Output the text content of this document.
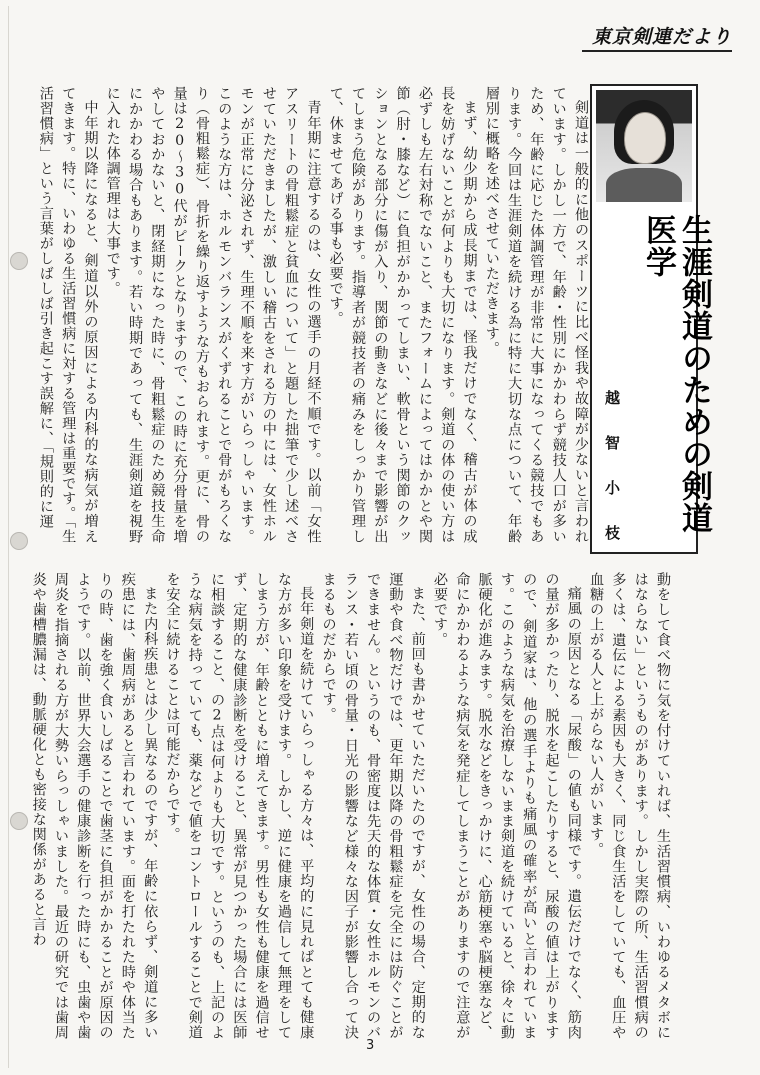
東京剣連だより
生涯剣道のための剣道医学
越 智 小 枝

剣道は一般的に他のスポーツに比べ怪我や故障が少ないと言われています。しかし一方で、年齢・性別にかかわらず競技人口が多いため、年齢に応じた体調管理が非常に大事になってくる競技でもあります。今回は生涯剣道を続ける為に特に大切な点について、年齢層別に概略を述べさせていただきます。

まず、幼少期から成長期までは、怪我だけでなく、稽古が体の成長を妨げないことが何よりも大切になります。剣道の体の使い方は必ずしも左右対称でないこと、またフォームによってはかかとや関節（肘・膝など）に負担がかかってしまい、軟骨という関節のクッションとなる部分に傷が入り、関節の動きなどに後々まで影響が出てしまう危険があります。指導者が競技者の痛みをしっかり管理して、休ませてあげる事も必要です。

青年期に注意するのは、女性の選手の月経不順です。以前「女性アスリートの骨粗鬆症と貧血について」と題した拙筆で少し述べさせていただきましたが、激しい稽古をされる方の中には、女性ホルモンが正常に分泌されず、生理不順を来す方がいらっしゃいます。このような方は、ホルモンバランスがくずれることで骨がもろくなり（骨粗鬆症）、骨折を繰り返すような方もおられます。更に、骨の量は20～30代がピークとなりますので、この時に充分骨量を増やしておかないと、閉経期になった時に、骨粗鬆症のため競技生命にかかわる場合もあります。若い時期であっても、生涯剣道を視野に入れた体調管理は大事です。

中年期以降になると、剣道以外の原因による内科的な病気が増えてきます。特に、いわゆる生活習慣病に対する管理は重要です。「生活習慣病」という言葉がしばしば引き起こす誤解に、「規則的に運

動をして食べ物に気を付けていれば、生活習慣病、いわゆるメタボにはならない」というものがあります。しかし実際の所、生活習慣病の多くは、遺伝による素因も大きく、同じ食生活をしていても、血圧や血糖の上がる人と上がらない人がいます。

痛風の原因となる「尿酸」の値も同様です。遺伝だけでなく、筋肉の量が多かったり、脱水を起こしたりすると、尿酸の値は上がりますので、剣道家は、他の選手よりも痛風の確率が高いと言われています。このような病気を治療しないまま剣道を続けていると、徐々に動脈硬化が進みます。脱水などをきっかけに、心筋梗塞や脳梗塞など、命にかかわるような病気を発症してしまうことがありますので注意が必要です。

また、前回も書かせていただいたのですが、女性の場合、定期的な運動や食べ物だけでは、更年期以降の骨粗鬆症を完全には防ぐことができません。というのも、骨密度は先天的な体質・女性ホルモンのバランス・若い頃の骨量・日光の影響など様々な因子が影響し合って決まるものだからです。

長年剣道を続けていらっしゃる方々は、平均的に見ればとても健康な方が多い印象を受けます。しかし、逆に健康を過信して無理をしてしまう方が、年齢とともに増えてきます。男性も女性も健康を過信せず、定期的な健康診断を受けること、異常が見つかった場合には医師に相談すること、の2点は何よりも大切です。というのも、上記のような病気を持っていても、薬などで値をコントロールすることで剣道を安全に続けることは可能だからです。

また内科疾患とは少し異なるのですが、年齢に依らず、剣道に多い疾患には、歯周病があると言われています。面を打たれた時や体当たりの時、歯を強く食いしばることで歯茎に負担がかかることが原因のようです。以前、世界大会選手の健康診断を行った時にも、虫歯や歯周炎を指摘される方が大勢いらっしゃいました。最近の研究では歯周炎や歯槽膿漏は、動脈硬化とも密接な関係があると言わ

3
